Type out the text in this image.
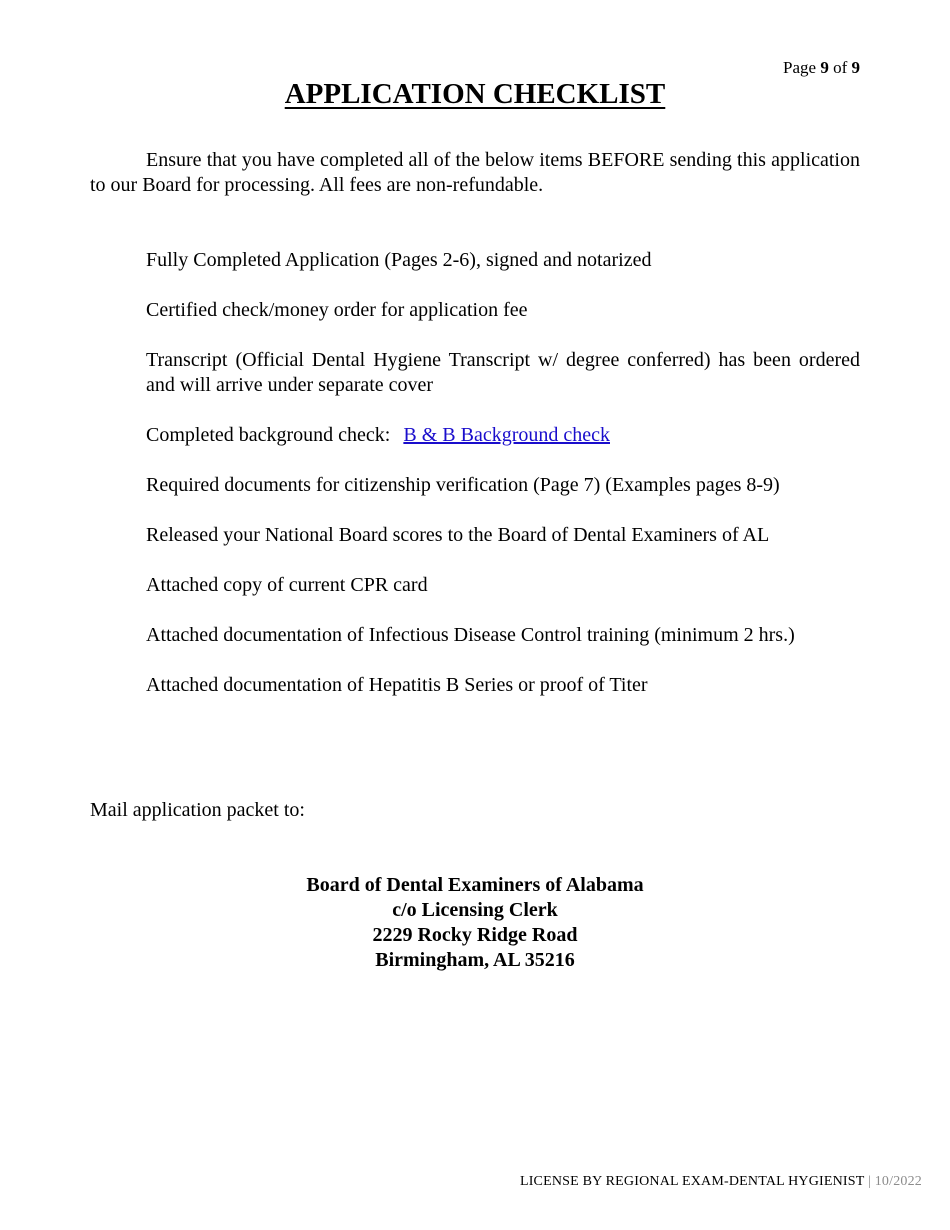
Page 9 of 9
APPLICATION CHECKLIST

Ensure that you have completed all of the below items BEFORE sending this application to our Board for processing. All fees are non-refundable.

Fully Completed Application (Pages 2-6), signed and notarized
Certified check/money order for application fee
Transcript (Official Dental Hygiene Transcript w/ degree conferred) has been ordered and will arrive under separate cover
Completed background check: B & B Background check
Required documents for citizenship verification (Page 7) (Examples pages 8-9)
Released your National Board scores to the Board of Dental Examiners of AL
Attached copy of current CPR card
Attached documentation of Infectious Disease Control training (minimum 2 hrs.)
Attached documentation of Hepatitis B Series or proof of Titer

Mail application packet to:

Board of Dental Examiners of Alabama
c/o Licensing Clerk
2229 Rocky Ridge Road
Birmingham, AL 35216
LICENSE BY REGIONAL EXAM-DENTAL HYGIENIST | 10/2022
